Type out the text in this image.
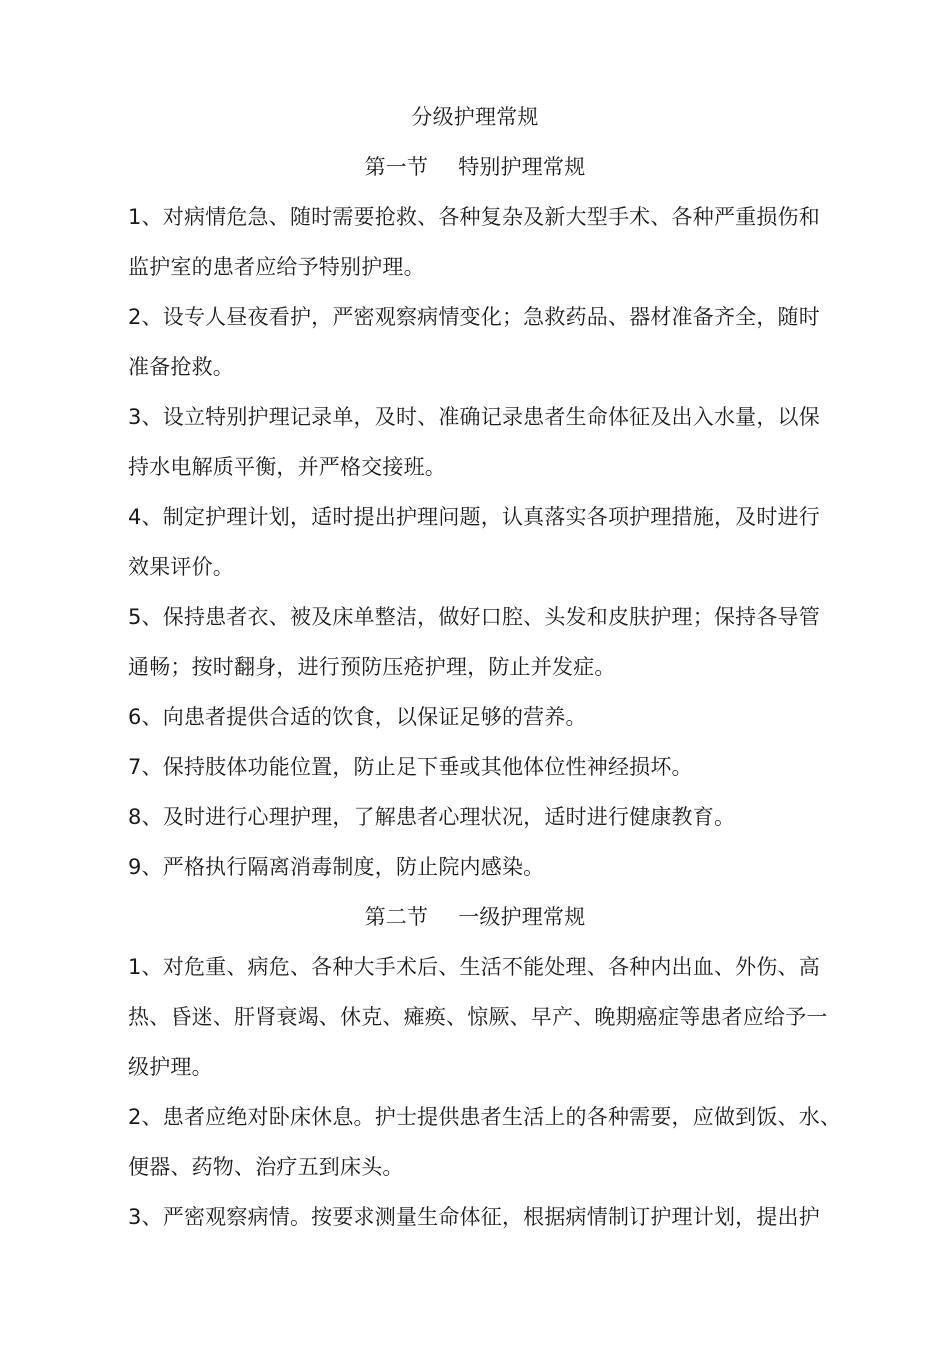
分级护理常规
第一节 特别护理常规
1、对病情危急、随时需要抢救、各种复杂及新大型手术、各种严重损伤和
监护室的患者应给予特别护理。
2、设专人昼夜看护，严密观察病情变化；急救药品、器材准备齐全，随时
准备抢救。
3、设立特别护理记录单，及时、准确记录患者生命体征及出入水量，以保
持水电解质平衡，并严格交接班。
4、制定护理计划，适时提出护理问题，认真落实各项护理措施，及时进行
效果评价。
5、保持患者衣、被及床单整洁，做好口腔、头发和皮肤护理；保持各导管
通畅；按时翻身，进行预防压疮护理，防止并发症。
6、向患者提供合适的饮食，以保证足够的营养。
7、保持肢体功能位置，防止足下垂或其他体位性神经损坏。
8、及时进行心理护理，了解患者心理状况，适时进行健康教育。
9、严格执行隔离消毒制度，防止院内感染。
第二节 一级护理常规
1、对危重、病危、各种大手术后、生活不能处理、各种内出血、外伤、高
热、昏迷、肝肾衰竭、休克、瘫痪、惊厥、早产、晚期癌症等患者应给予一
级护理。
2、患者应绝对卧床休息。护士提供患者生活上的各种需要，应做到饭、水、
便器、药物、治疗五到床头。
3、严密观察病情。按要求测量生命体征，根据病情制订护理计划，提出护
